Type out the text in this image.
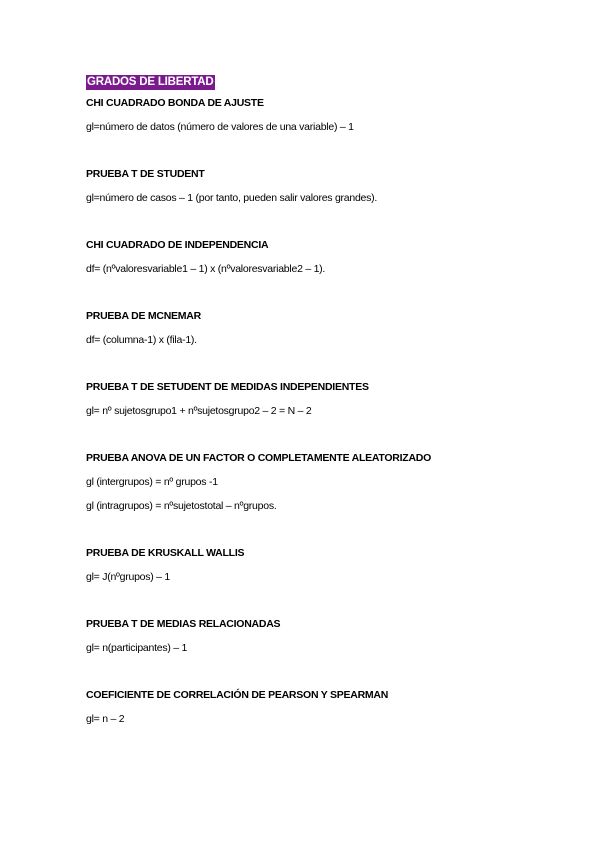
GRADOS DE LIBERTAD

CHI CUADRADO BONDA DE AJUSTE

gl=número de datos (número de valores de una variable) – 1

PRUEBA T DE STUDENT

gl=número de casos – 1 (por tanto, pueden salir valores grandes).

CHI CUADRADO DE INDEPENDENCIA

df= (nºvaloresvariable1 – 1) x (nºvaloresvariable2 – 1).

PRUEBA DE MCNEMAR

df= (columna-1) x (fila-1).

PRUEBA T DE SETUDENT DE MEDIDAS INDEPENDIENTES

gl= nº sujetosgrupo1 + nºsujetosgrupo2 – 2 = N – 2

PRUEBA ANOVA DE UN FACTOR O COMPLETAMENTE ALEATORIZADO

gl (intergrupos) = nº grupos -1

gl (intragrupos) = nºsujetostotal – nºgrupos.

PRUEBA DE KRUSKALL WALLIS

gl= J(nºgrupos) – 1

PRUEBA T DE MEDIAS RELACIONADAS

gl= n(participantes) – 1

COEFICIENTE DE CORRELACIÓN DE PEARSON Y SPEARMAN

gl= n – 2
